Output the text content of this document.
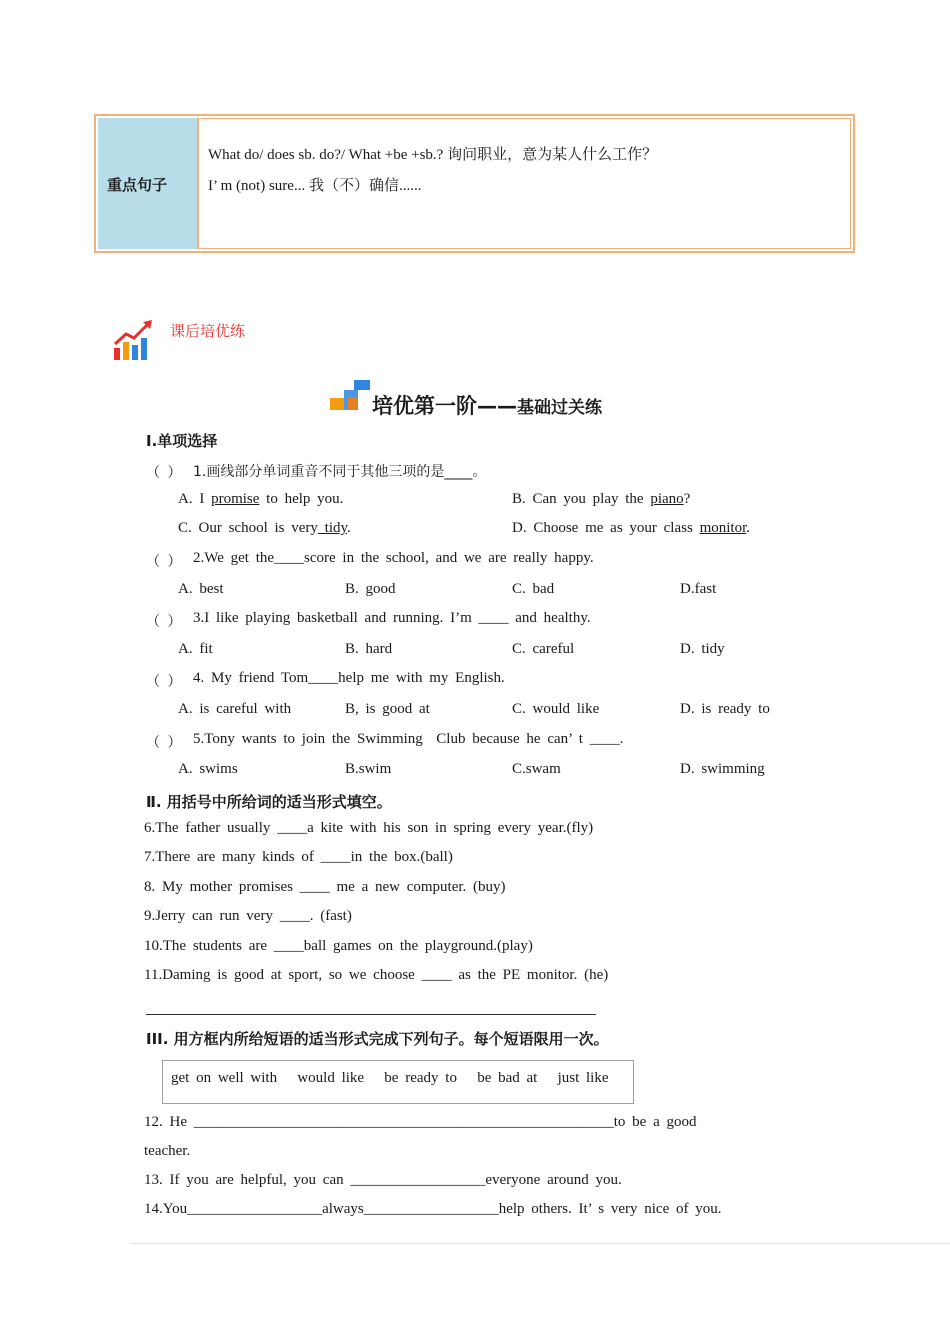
重点句子
What do/ does sb. do?/ What +be +sb.? 询问职业，意为某人什么工作？
I’ m (not) sure... 我（不）确信......
课后培优练
培优第一阶——基础过关练
Ⅰ.单项选择
（ ） 1.画线部分单词重音不同于其他三项的是____。
A. I promise to help you.	B. Can you play the piano?
C. Our school is very tidy.	D. Choose me as your class monitor.
（ ） 2.We get the____score in the school, and we are really happy.
A. best	B. good	C. bad	D.fast
（ ） 3.I like playing basketball and running. I’m ____ and healthy.
A. fit	B. hard	C. careful	D. tidy
（ ） 4. My friend Tom____help me with my English.
A. is careful with	B, is good at	C. would like	D. is ready to
（ ） 5.Tony wants to join the Swimming  Club because he can’ t ____.
A. swims	B.swim	C.swam	D. swimming
Ⅱ. 用括号中所给词的适当形式填空。
6.The father usually ____a kite with his son in spring every year.(fly)
7.There are many kinds of ____in the box.(ball)
8. My mother promises ____ me a new computer. (buy)
9.Jerry can run very ____. (fast)
10.The students are ____ball games on the playground.(play)
11.Daming is good at sport, so we choose ____ as the PE monitor. (he)
III. 用方框内所给短语的适当形式完成下列句子。每个短语限用一次。
get on well with   would like   be ready to   be bad at   just like
12. He ________________________________________________________to be a good
teacher.
13. If you are helpful, you can __________________everyone around you.
14.You__________________always__________________help others. It’ s very nice of you.
